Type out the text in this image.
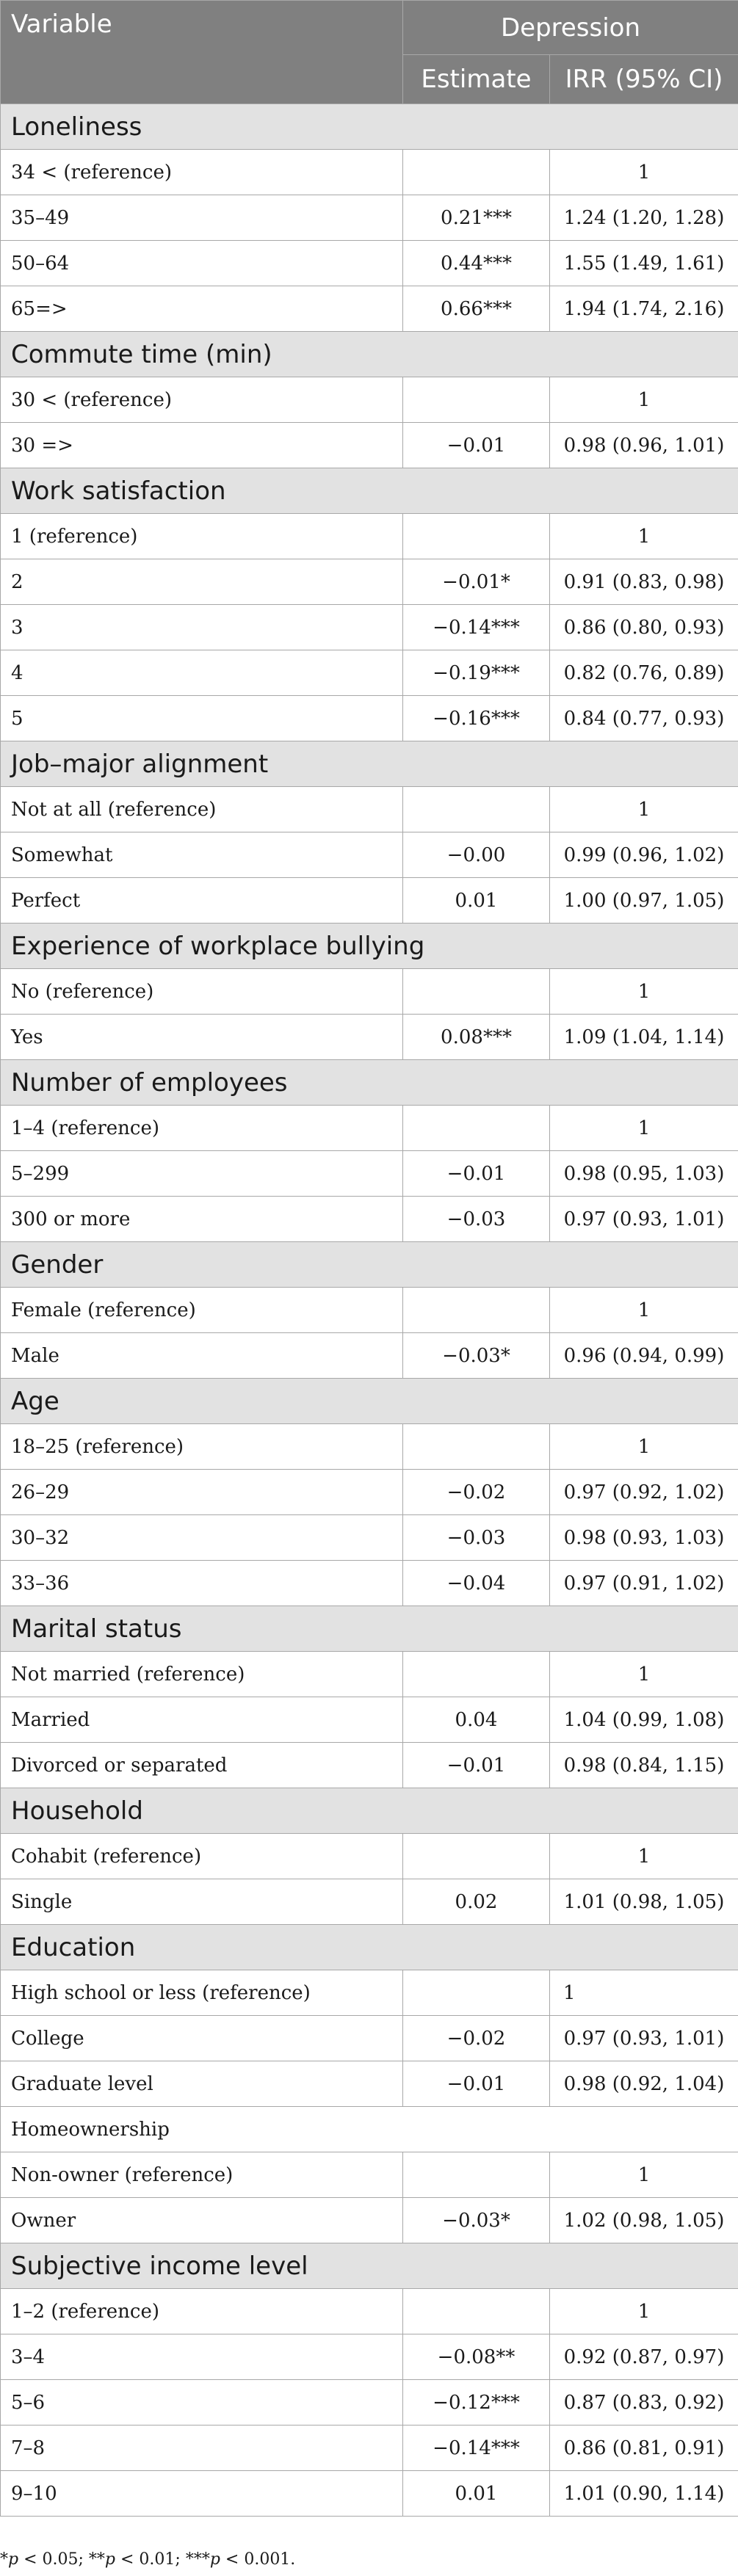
Variable	Depression	
	Estimate	IRR (95% CI)
Loneliness		
34 < (reference)		1
35–49	0.21***	1.24 (1.20, 1.28)
50–64	0.44***	1.55 (1.49, 1.61)
65=>	0.66***	1.94 (1.74, 2.16)
Commute time (min)		
30 < (reference)		1
30 =>	−0.01	0.98 (0.96, 1.01)
Work satisfaction		
1 (reference)		1
2	−0.01*	0.91 (0.83, 0.98)
3	−0.14***	0.86 (0.80, 0.93)
4	−0.19***	0.82 (0.76, 0.89)
5	−0.16***	0.84 (0.77, 0.93)
Job–major alignment		
Not at all (reference)		1
Somewhat	−0.00	0.99 (0.96, 1.02)
Perfect	0.01	1.00 (0.97, 1.05)
Experience of workplace bullying		
No (reference)		1
Yes	0.08***	1.09 (1.04, 1.14)
Number of employees		
1–4 (reference)		1
5–299	−0.01	0.98 (0.95, 1.03)
300 or more	−0.03	0.97 (0.93, 1.01)
Gender		
Female (reference)		1
Male	−0.03*	0.96 (0.94, 0.99)
Age		
18–25 (reference)		1
26–29	−0.02	0.97 (0.92, 1.02)
30–32	−0.03	0.98 (0.93, 1.03)
33–36	−0.04	0.97 (0.91, 1.02)
Marital status		
Not married (reference)		1
Married	0.04	1.04 (0.99, 1.08)
Divorced or separated	−0.01	0.98 (0.84, 1.15)
Household		
Cohabit (reference)		1
Single	0.02	1.01 (0.98, 1.05)
Education		
High school or less (reference)		1
College	−0.02	0.97 (0.93, 1.01)
Graduate level	−0.01	0.98 (0.92, 1.04)
Homeownership		
Non-owner (reference)		1
Owner	−0.03*	1.02 (0.98, 1.05)
Subjective income level		
1–2 (reference)		1
3–4	−0.08**	0.92 (0.87, 0.97)
5–6	−0.12***	0.87 (0.83, 0.92)
7–8	−0.14***	0.86 (0.81, 0.91)
9–10	0.01	1.01 (0.90, 1.14)
*p < 0.05; **p < 0.01; ***p < 0.001.
